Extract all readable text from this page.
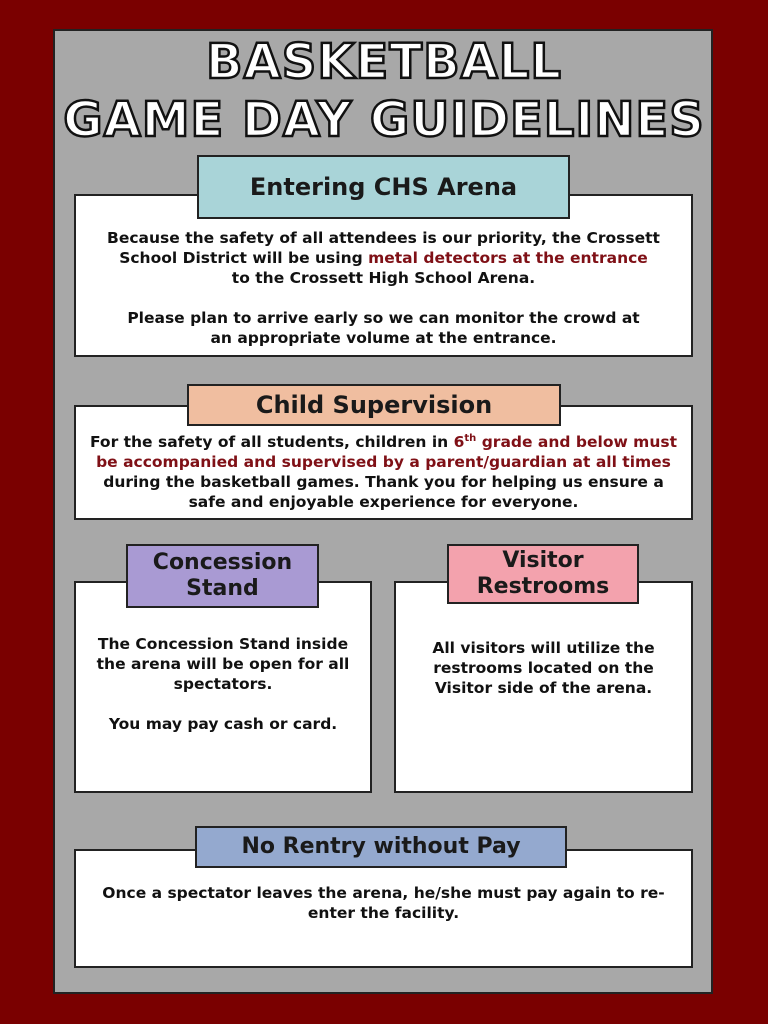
BASKETBALL
GAME DAY GUIDELINES

Because the safety of all attendees is our priority, the Crossett School District will be using metal detectors at the entrance
to the Crossett High School Arena.

Please plan to arrive early so we can monitor the crowd at an appropriate volume at the entrance.

Entering CHS Arena

For the safety of all students, children in 6th grade and below must be accompanied and supervised by a parent/guardian at all times during the basketball games. Thank you for helping us ensure a safe and enjoyable experience for everyone.

Child Supervision

The Concession Stand inside the arena will be open for all spectators.

You may pay cash or card.

Concession
Stand

All visitors will utilize the restrooms located on the Visitor side of the arena.

Visitor
Restrooms

Once a spectator leaves the arena, he/she must pay again to re-enter the facility.

No Rentry without Pay
